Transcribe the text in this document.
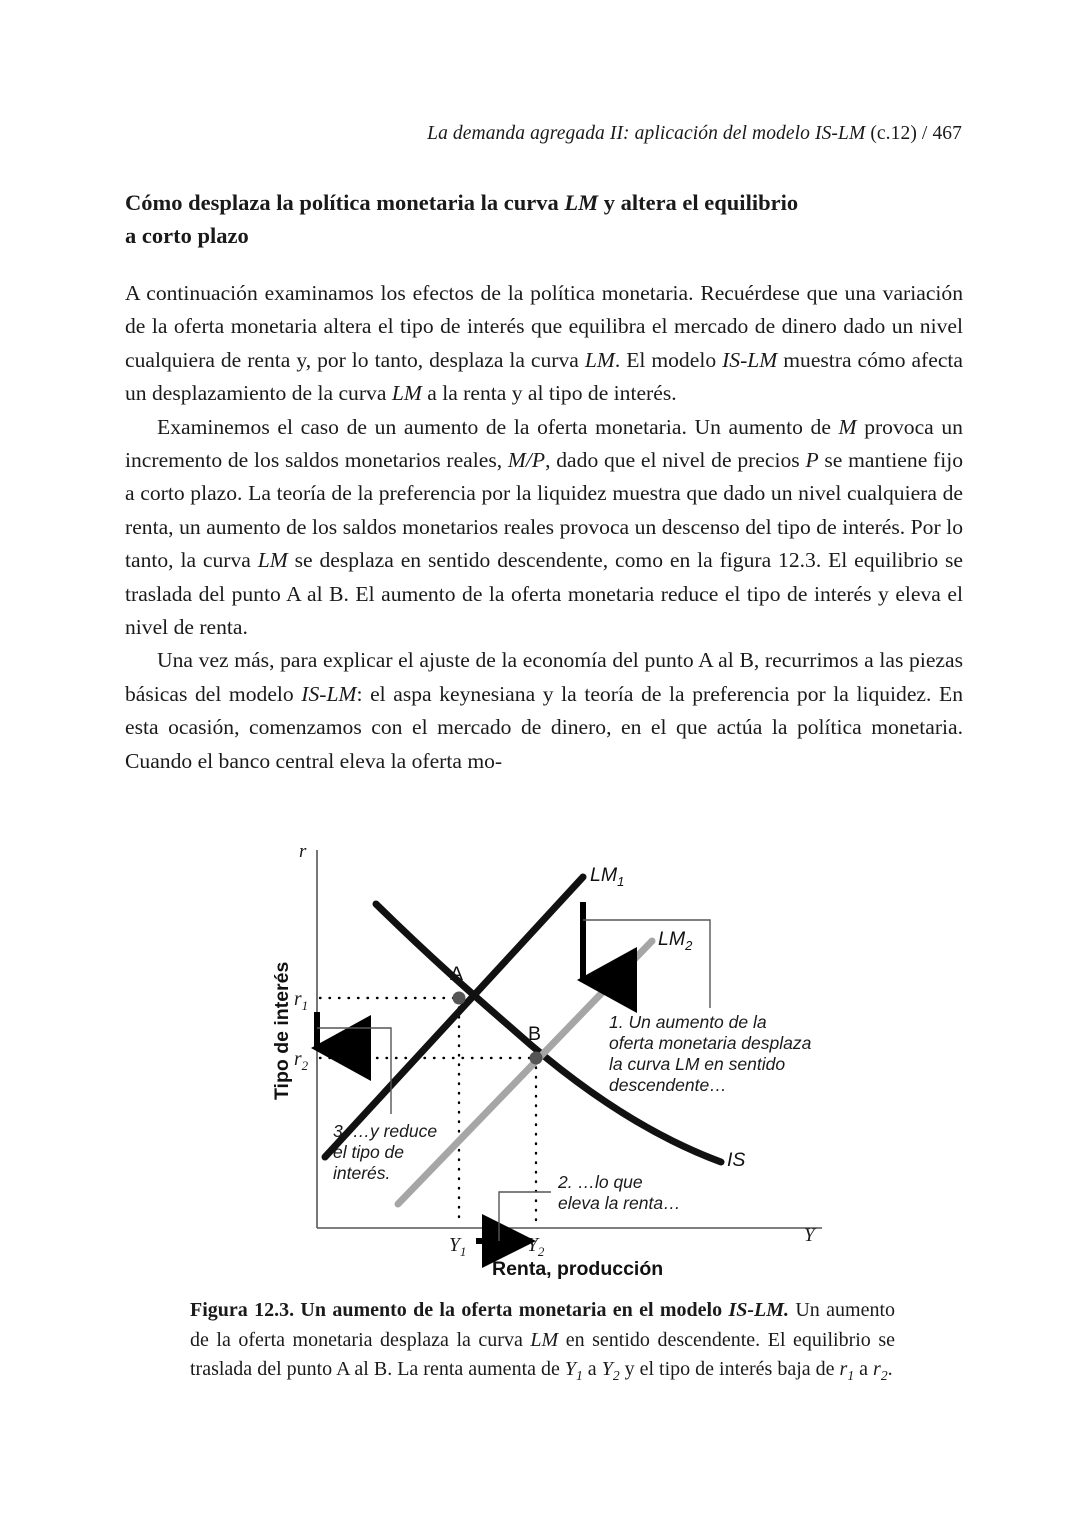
La demanda agregada II: aplicación del modelo IS-LM (c.12) / 467
Cómo desplaza la política monetaria la curva LM y altera el equilibrio
a corto plazo

A continuación examinamos los efectos de la política monetaria. Recuérdese que una variación de la oferta monetaria altera el tipo de interés que equilibra el mercado de dinero dado un nivel cualquiera de renta y, por lo tanto, desplaza la curva LM. El modelo IS-LM muestra cómo afecta un desplazamiento de la curva LM a la renta y al tipo de interés.

Examinemos el caso de un aumento de la oferta monetaria. Un aumento de M provoca un incremento de los saldos monetarios reales, M/P, dado que el nivel de precios P se mantiene fijo a corto plazo. La teoría de la preferencia por la liquidez muestra que dado un nivel cualquiera de renta, un aumento de los saldos monetarios reales provoca un descenso del tipo de interés. Por lo tanto, la curva LM se desplaza en sentido descendente, como en la figura 12.3. El equilibrio se traslada del punto A al B. El aumento de la oferta monetaria reduce el tipo de interés y eleva el nivel de renta.

Una vez más, para explicar el ajuste de la economía del punto A al B, recurrimos a las piezas básicas del modelo IS-LM: el aspa keynesiana y la teoría de la preferencia por la liquidez. En esta ocasión, comenzamos con el mercado de dinero, en el que actúa la política monetaria. Cuando el banco central eleva la oferta mo-

r
Y
Tipo de interés
Renta, producción
IS
$LM_2$
$LM_1$
A
B
$r_1$
$r_2$
$Y_1$	$Y_2$
1. Un aumento de la oferta monetaria desplaza la curva LM en sentido descendente…
3. …y reduce el tipo de interés.	2. …lo que eleva la renta…

Figura 12.3. Un aumento de la oferta monetaria en el modelo IS-LM. Un aumento de la oferta monetaria desplaza la curva LM en sentido descendente. El equilibrio se traslada del punto A al B. La renta aumenta de $Y_1$ a $Y_2$ y el tipo de interés baja de $r_1$ a $r_2$.
